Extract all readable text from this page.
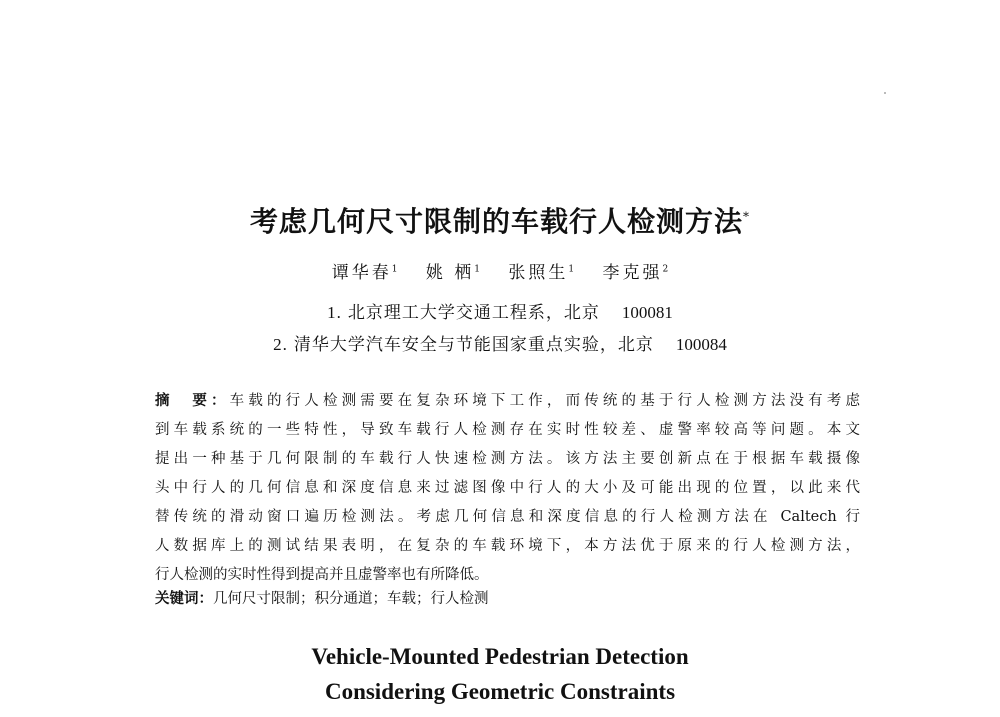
考虑几何尺寸限制的车载行人检测方法*
谭华春$^1$ 姚 栖$^1$ 张照生$^1$ 李克强$^2$
1. 北京理工大学交通工程系，北京 100081
2. 清华大学汽车安全与节能国家重点实验，北京 100084
摘　要：车载的行人检测需要在复杂环境下工作，而传统的基于行人检测方法没有考虑
到车载系统的一些特性，导致车载行人检测存在实时性较差、虚警率较高等问题。本文
提出一种基于几何限制的车载行人快速检测方法。该方法主要创新点在于根据车载摄像
头中行人的几何信息和深度信息来过滤图像中行人的大小及可能出现的位置，以此来代
替传统的滑动窗口遍历检测法。考虑几何信息和深度信息的行人检测方法在 Caltech 行
人数据库上的测试结果表明，在复杂的车载环境下，本方法优于原来的行人检测方法，
行人检测的实时性得到提高并且虚警率也有所降低。
关键词：几何尺寸限制；积分通道；车载；行人检测
Vehicle-Mounted Pedestrian Detection
Considering Geometric Constraints
